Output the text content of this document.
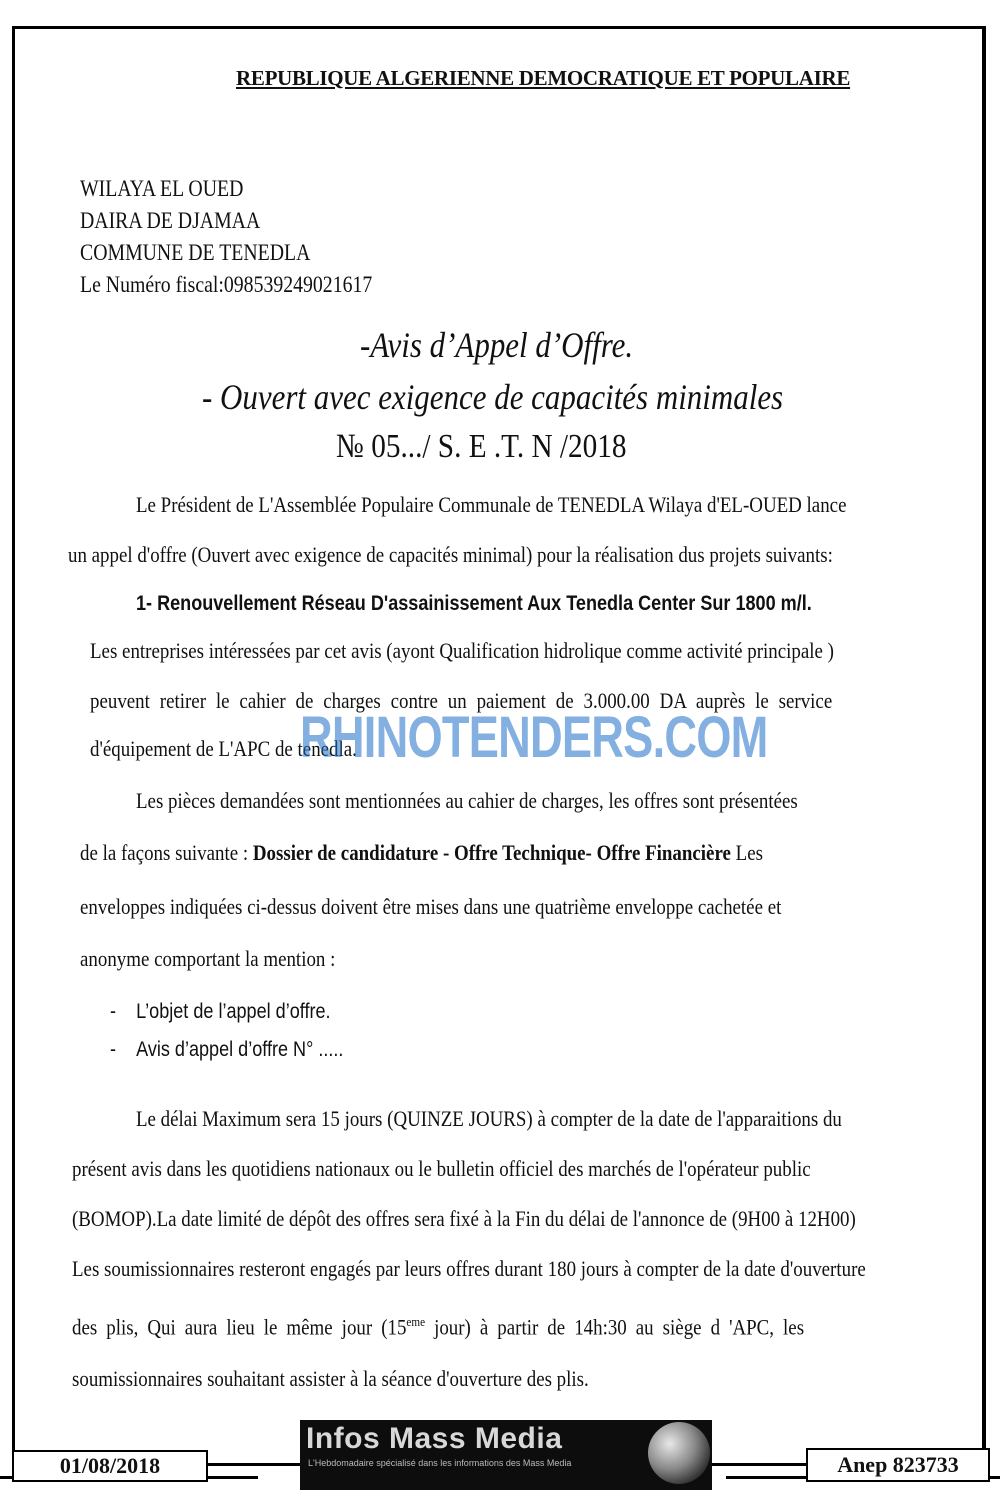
REPUBLIQUE ALGERIENNE DEMOCRATIQUE ET POPULAIRE
WILAYA EL OUED
DAIRA DE DJAMAA
COMMUNE DE TENEDLA
Le Numéro fiscal:098539249021617
-Avis d’Appel d’Offre.
- Ouvert avec exigence de capacités minimales
№ 05.../ S. E .T. N /2018
Le Président de L'Assemblée Populaire Communale de TENEDLA Wilaya d'EL-OUED lance
un appel d'offre (Ouvert avec exigence de capacités minimal) pour la réalisation dus projets suivants:
1- Renouvellement Réseau D'assainissement Aux Tenedla Center Sur 1800 m/l.
Les entreprises intéressées par cet avis (ayont Qualification hidrolique comme activité principale )
peuvent retirer le cahier de charges contre un paiement de 3.000.00 DA auprès le service
d'équipement de L'APC de tenedla.
RHINOTENDERS.COM
Les pièces demandées sont mentionnées au cahier de charges, les offres sont présentées
de la façons suivante : Dossier de candidature - Offre Technique- Offre Financière Les
enveloppes indiquées ci-dessus doivent être mises dans une quatrième enveloppe cachetée et
anonyme comportant la mention :
-    L’objet de l’appel d’offre.
-    Avis d’appel d’offre N° .....
Le délai Maximum sera 15 jours (QUINZE JOURS) à compter de la date de l'apparaitions du
présent avis dans les quotidiens nationaux ou le bulletin officiel des marchés de l'opérateur public
(BOMOP).La date limité de dépôt des offres sera fixé à la Fin du délai de l'annonce de (9H00 à 12H00)
Les soumissionnaires resteront engagés par leurs offres durant 180 jours à compter de la date d'ouverture
des plis, Qui aura lieu le même jour (15eme jour) à partir de 14h:30 au siège d 'APC, les
soumissionnaires souhaitant assister à la séance d'ouverture des plis.
01/08/2018	Anep 823733
Infos Mass Media
L'Hebdomadaire spécialisé dans les informations des Mass Media
